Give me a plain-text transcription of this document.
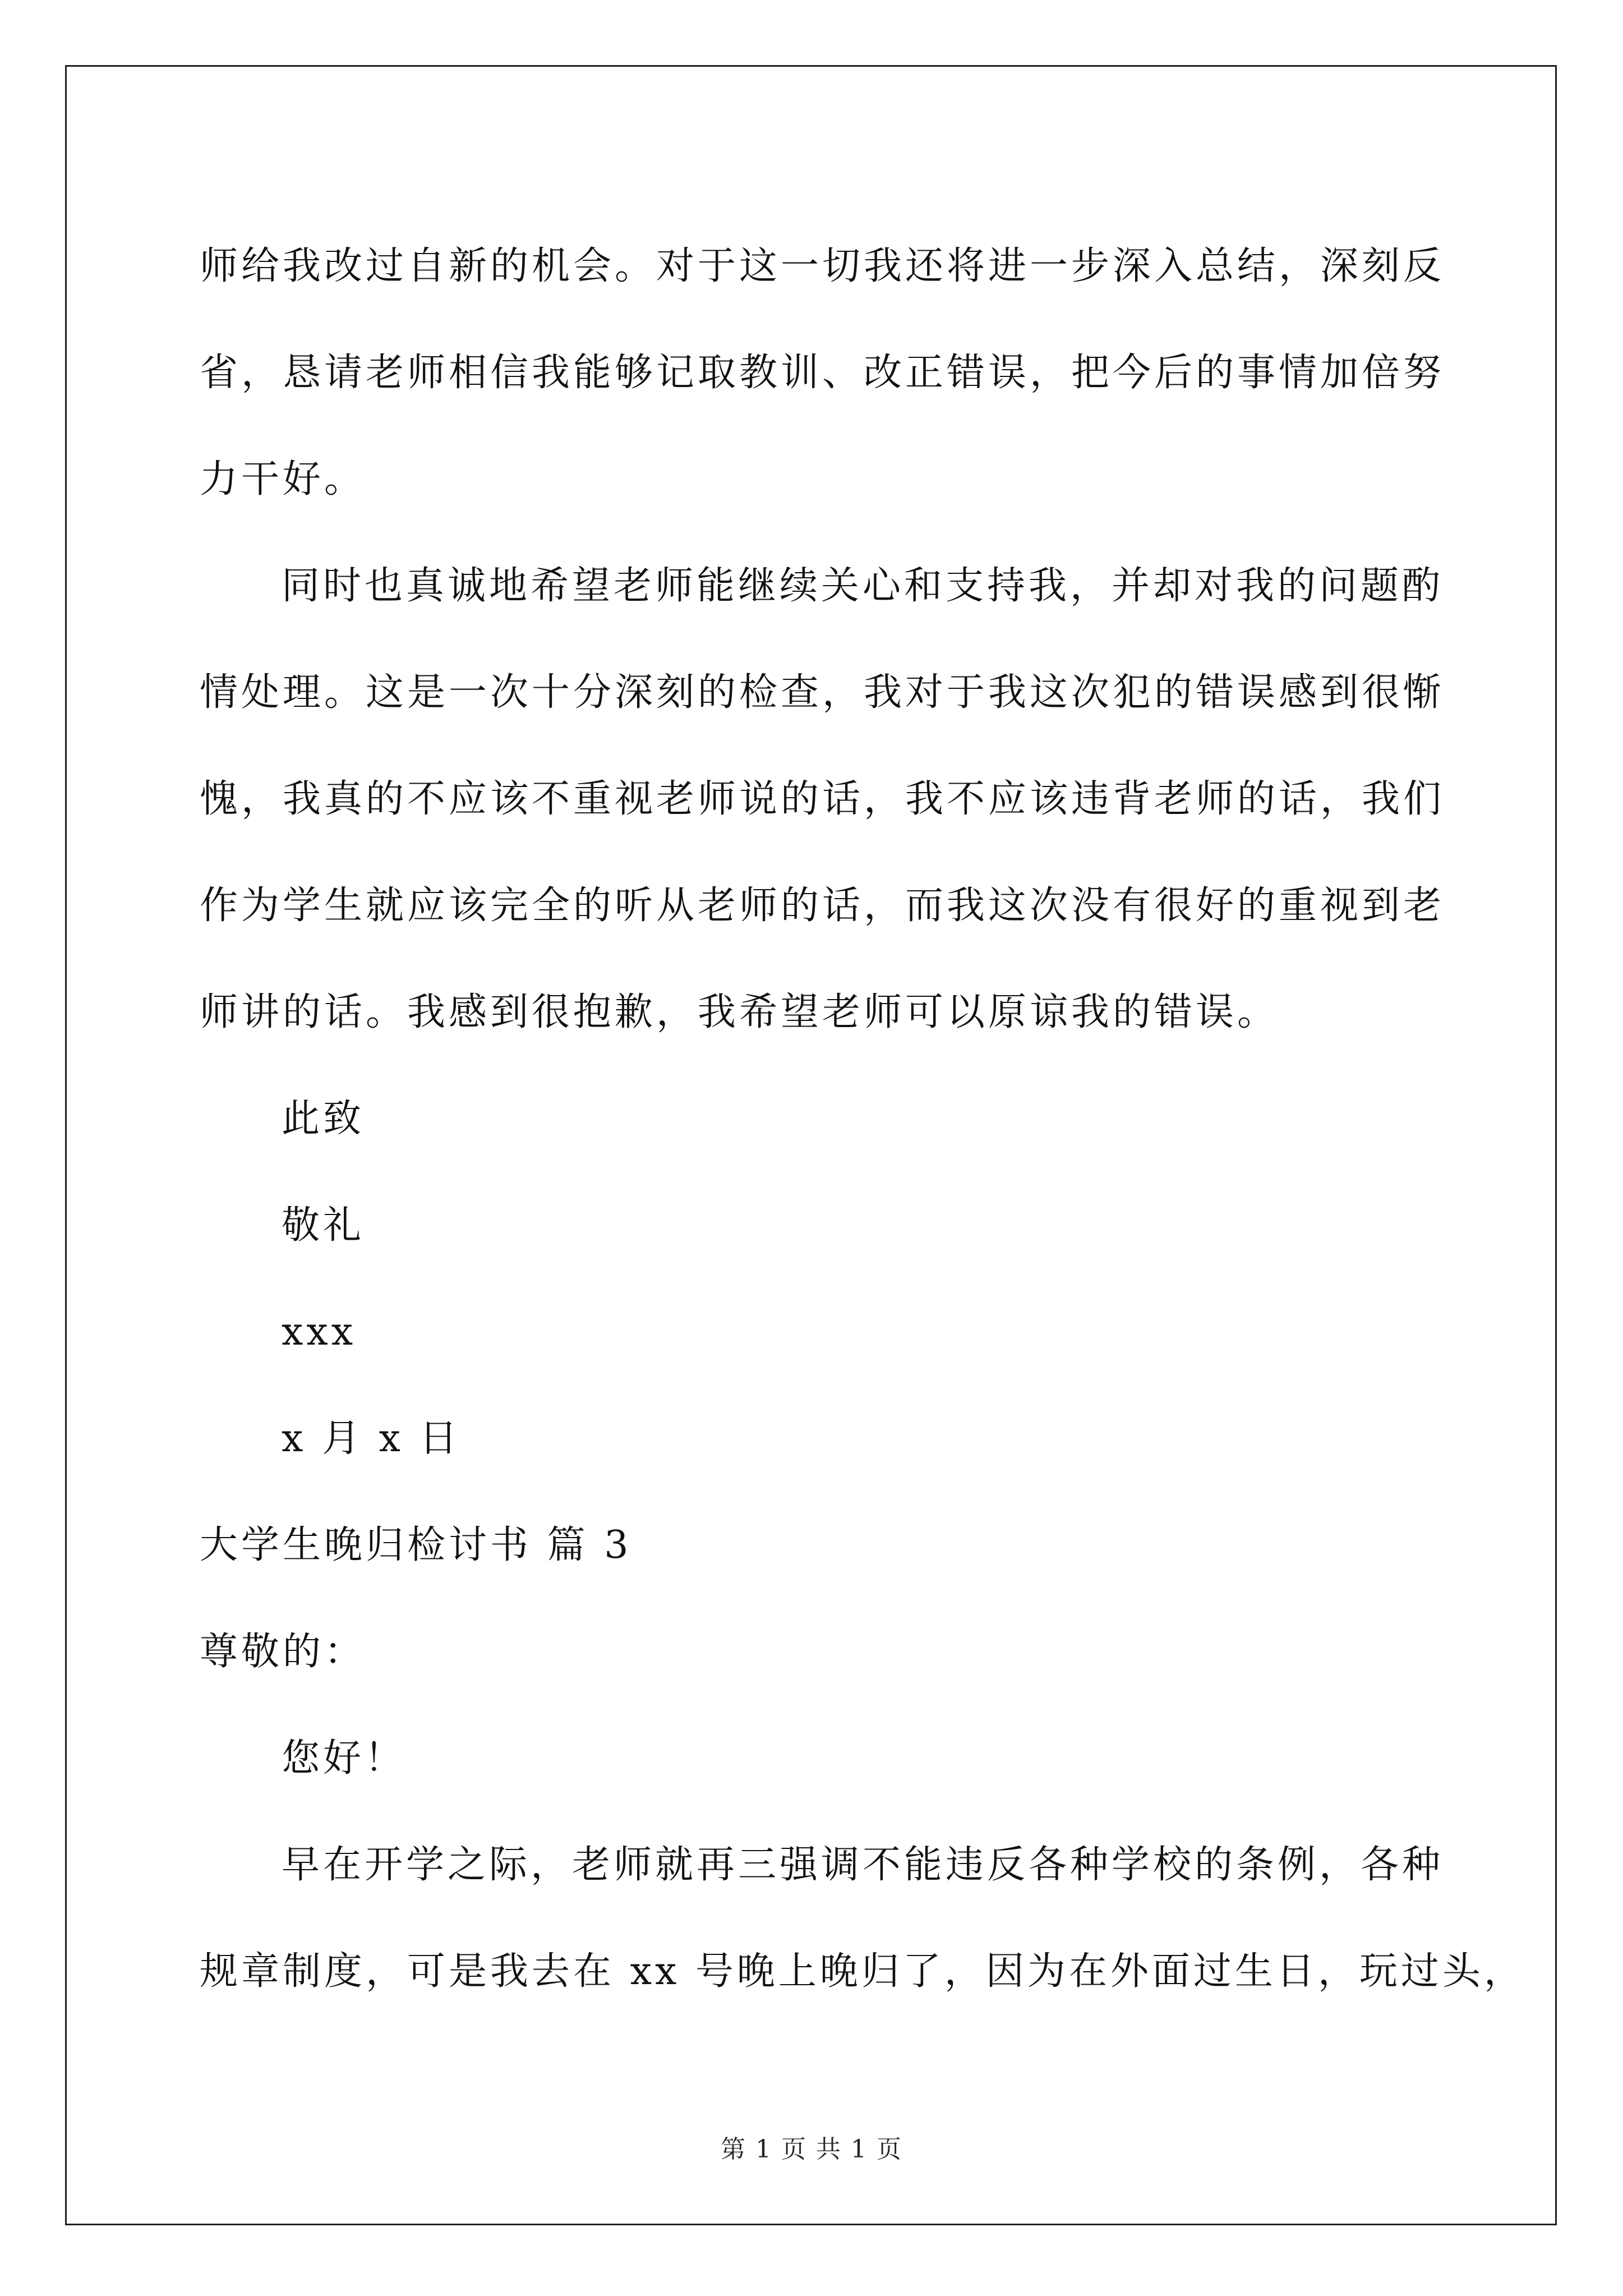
师给我改过自新的机会。对于这一切我还将进一步深入总结，深刻反
省，恳请老师相信我能够记取教训、改正错误，把今后的事情加倍努
力干好。
同时也真诚地希望老师能继续关心和支持我，并却对我的问题酌
情处理。这是一次十分深刻的检查，我对于我这次犯的错误感到很惭
愧，我真的不应该不重视老师说的话，我不应该违背老师的话，我们
作为学生就应该完全的听从老师的话，而我这次没有很好的重视到老
师讲的话。我感到很抱歉，我希望老师可以原谅我的错误。
此致
敬礼
xxx
x 月 x 日
大学生晚归检讨书 篇 3
尊敬的：
您好！
早在开学之际，老师就再三强调不能违反各种学校的条例，各种
规章制度，可是我去在 xx 号晚上晚归了，因为在外面过生日，玩过头，
第 1 页 共 1 页
